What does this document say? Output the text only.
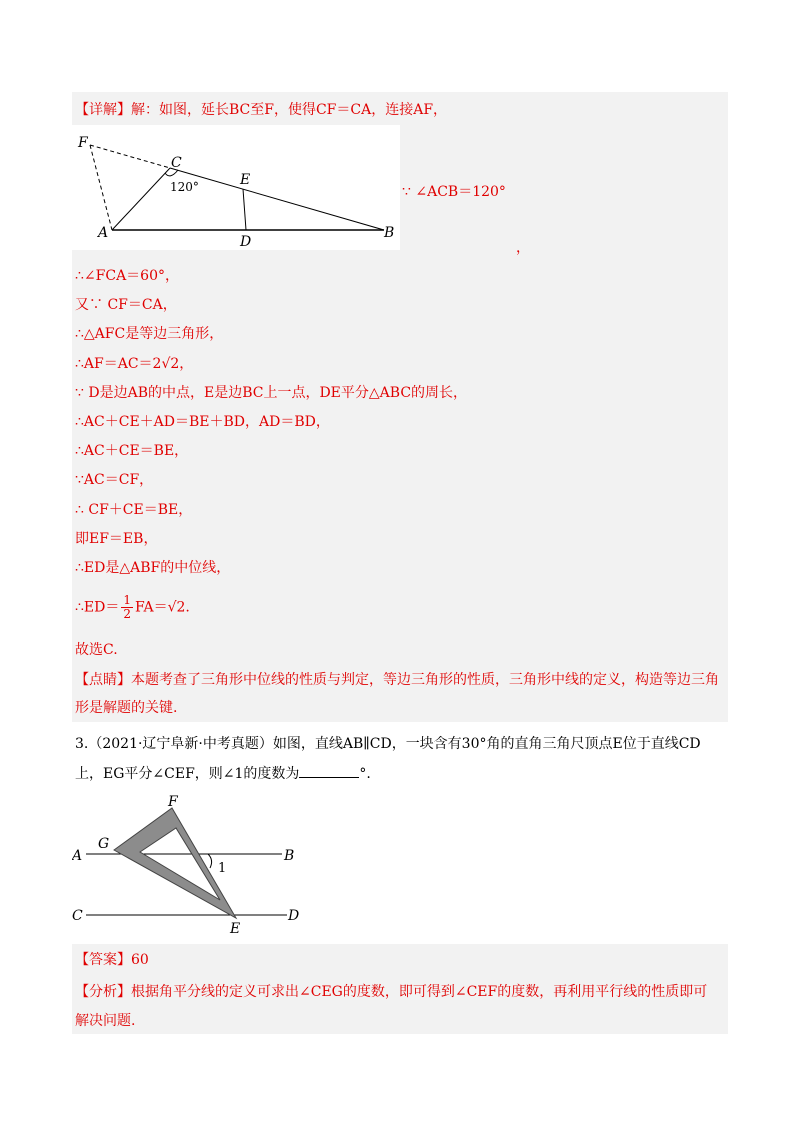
【详解】解：如图，延长BC至F，使得CF＝CA，连接AF，
F
C
120°	E
A
D
B
∵ ∠ACB＝120°
，
∴∠FCA＝60°，
又∵ CF＝CA，
∴△AFC是等边三角形，
∴AF＝AC＝2√2，
∵ D是边AB的中点，E是边BC上一点，DE平分△ABC的周长，
∴AC＋CE＋AD＝BE＋BD，AD＝BD，
∴AC＋CE＝BE，
∵AC＝CF，
∴ CF＋CE＝BE，
即EF＝EB，
∴ED是△ABF的中位线，
∴ED＝ $\frac{1}{2} FA=√2$.
故选C.
【点睛】本题考查了三角形中位线的性质与判定，等边三角形的性质，三角形中线的定义，构造等边三角
形是解题的关键.
3.（2021·辽宁阜新·中考真题）如图，直线AB∥CD，一块含有30°角的直角三角尺顶点E位于直线CD
上，EG平分∠CEF，则∠1的度数为	°.
F
G
A	B
1
C	D
E
【答案】60
【分析】根据角平分线的定义可求出∠CEG的度数，即可得到∠CEF的度数，再利用平行线的性质即可
解决问题.
